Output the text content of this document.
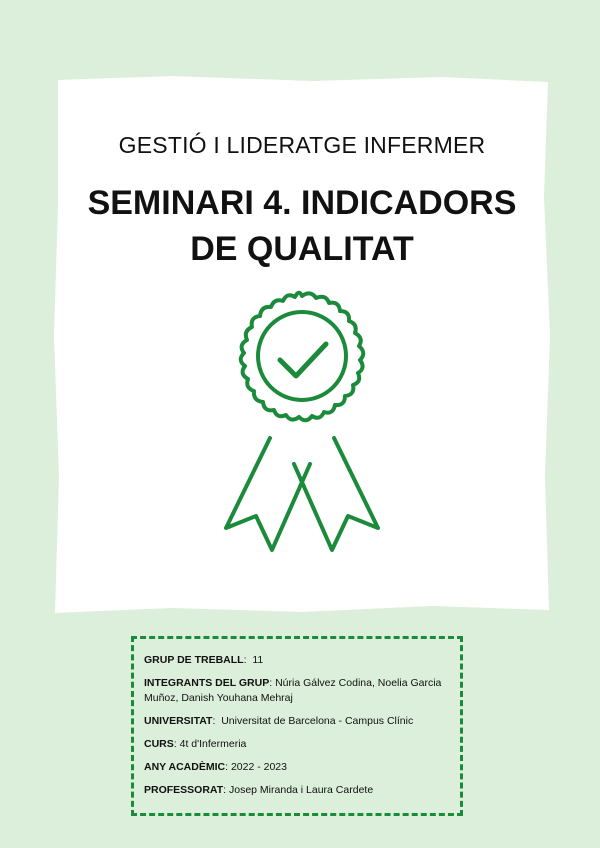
GESTIÓ I LIDERATGE INFERMER
SEMINARI 4. INDICADORS
DE QUALITAT
GRUP DE TREBALL:  11
INTEGRANTS DEL GRUP: Núria Gálvez Codina, Noelia Garcia Muñoz, Danish Youhana Mehraj
UNIVERSITAT:  Universitat de Barcelona - Campus Clínic
CURS: 4t d'Infermeria
ANY ACADÈMIC: 2022 - 2023
PROFESSORAT: Josep Miranda i Laura Cardete
